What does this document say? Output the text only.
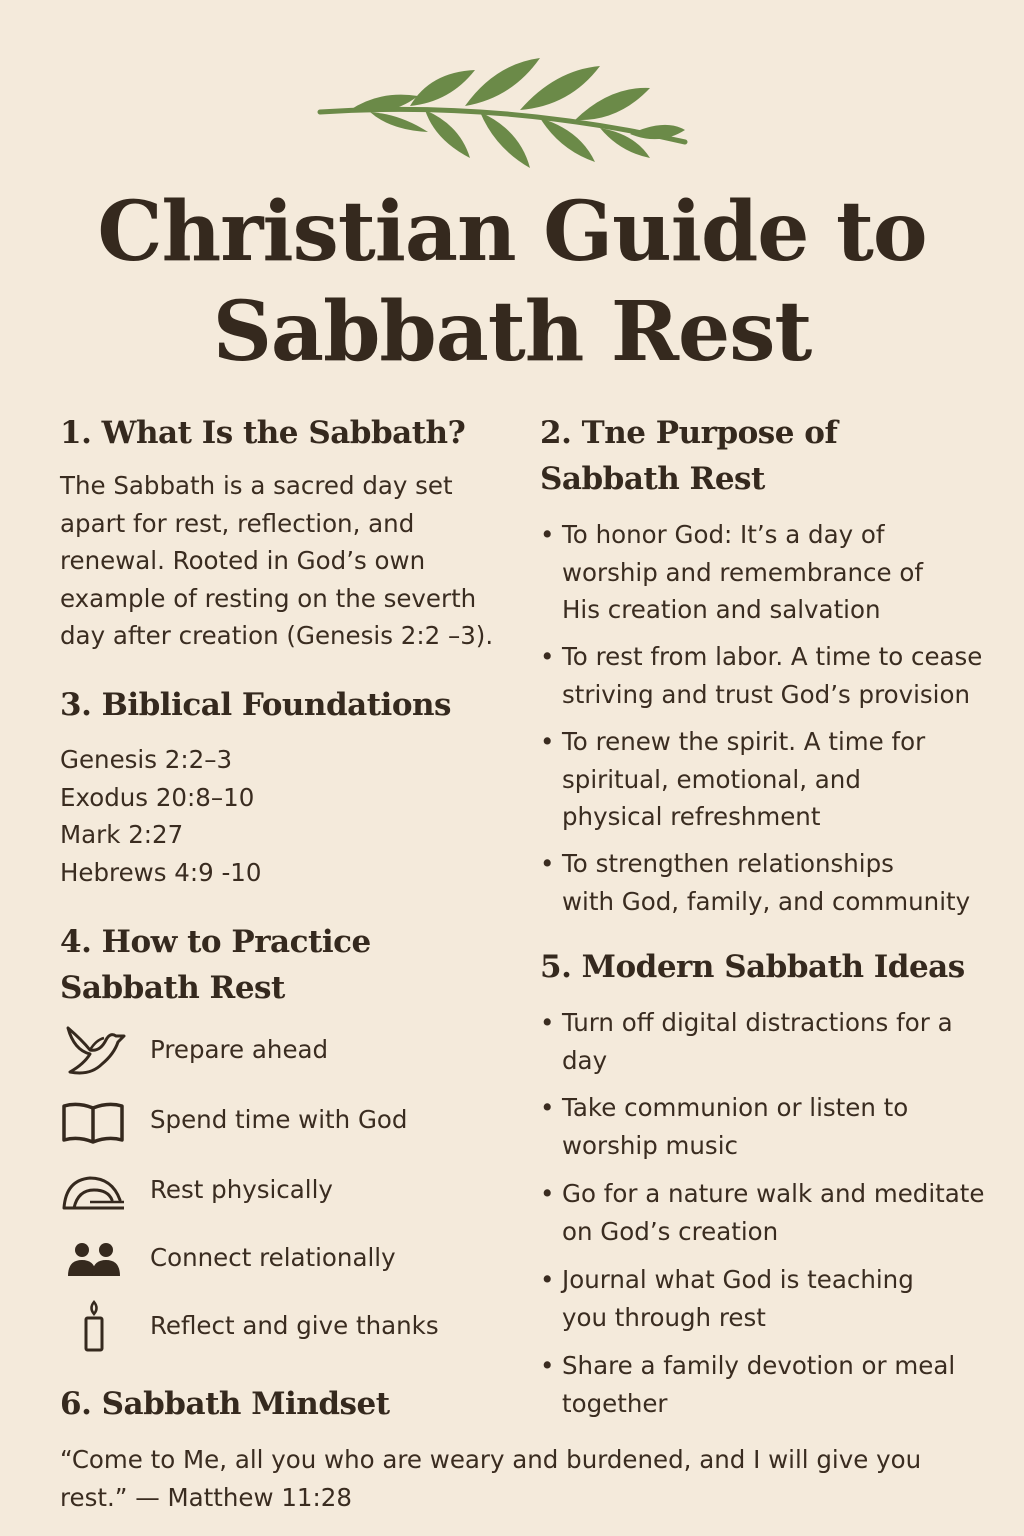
Christian Guide to
Sabbath Rest
1. What Is the Sabbath?
The Sabbath is a sacred day set
apart for rest, reflection, and
renewal. Rooted in God’s own
example of resting on the severth
day after creation (Genesis 2:2 –3).
3. Biblical Foundations
Genesis 2:2–3
Exodus 20:8–10
Mark 2:27
Hebrews 4:9 -10
4. How to Practice
Sabbath Rest
Prepare ahead
Spend time with God
Rest physically
Connect relationally
Reflect and give thanks
6. Sabbath Mindset
“Come to Me, all you who are weary and burdened, and I will give you
rest.” — Matthew 11:28
2. Tne Purpose of
Sabbath Rest
• To honor God: It’s a day of
worship and remembrance of
His creation and salvation
• To rest from labor. A time to cease
striving and trust God’s provision
• To renew the spirit. A time for
spiritual, emotional, and
physical refreshment
• To strengthen relationships
with God, family, and community
5. Modern Sabbath Ideas
• Turn off digital distractions for a
day
• Take communion or listen to
worship music
• Go for a nature walk and meditate
on God’s creation
• Journal what God is teaching
you through rest
• Share a family devotion or meal
together
